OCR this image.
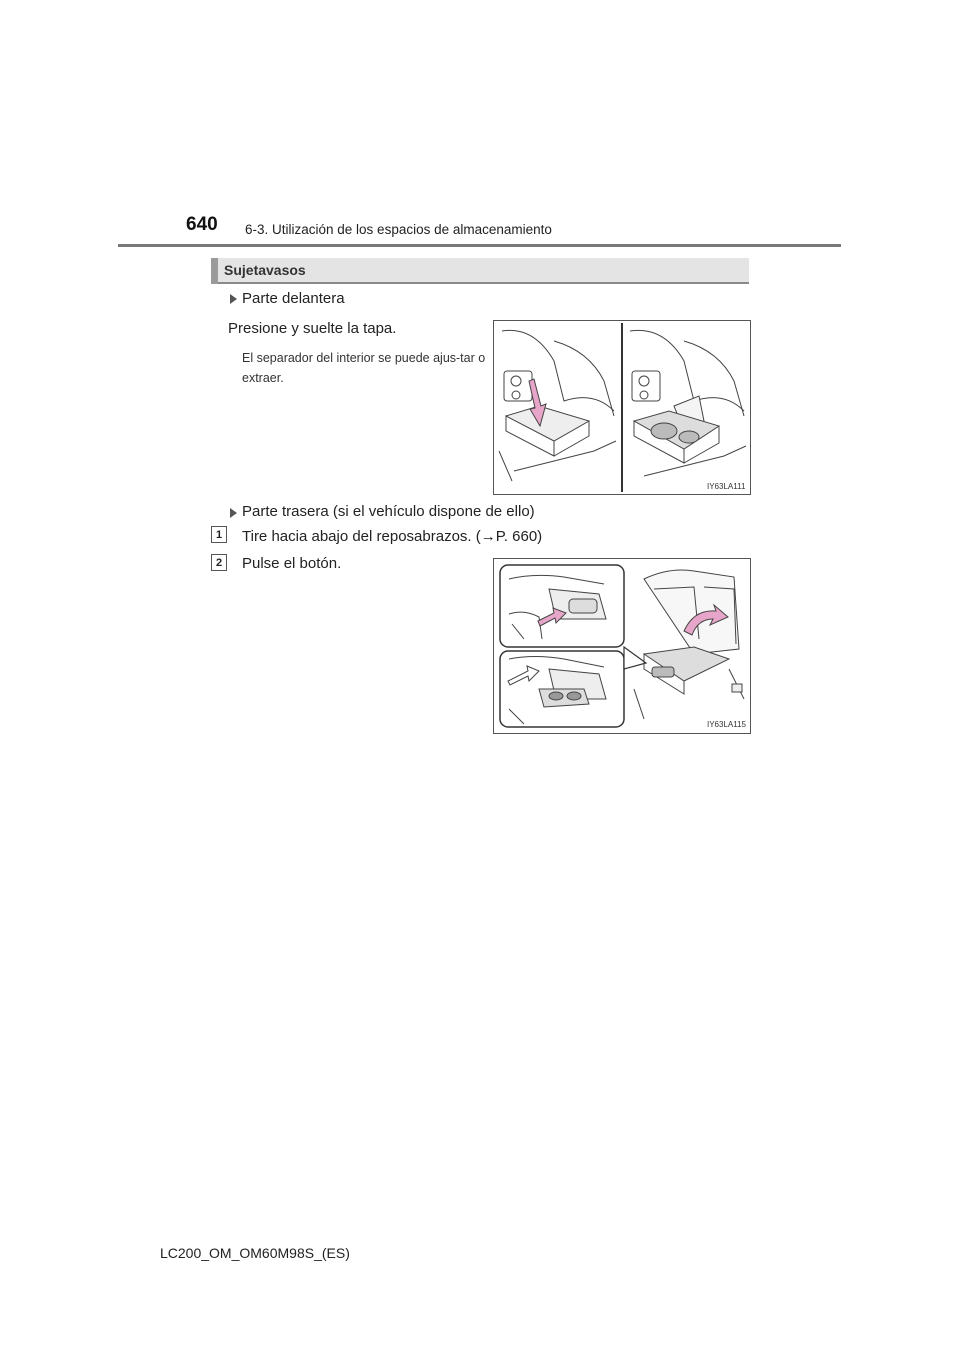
640 6-3. Utilización de los espacios de almacenamiento
Sujetavasos
Parte delantera
Presione y suelte la tapa.
El separador del interior se puede ajus-tar o extraer.
IY63LA111
Parte trasera (si el vehículo dispone de ello)
1	Tire hacia abajo del reposabrazos. (→P. 660)
2	Pulse el botón.
IY63LA115
LC200_OM_OM60M98S_(ES)
